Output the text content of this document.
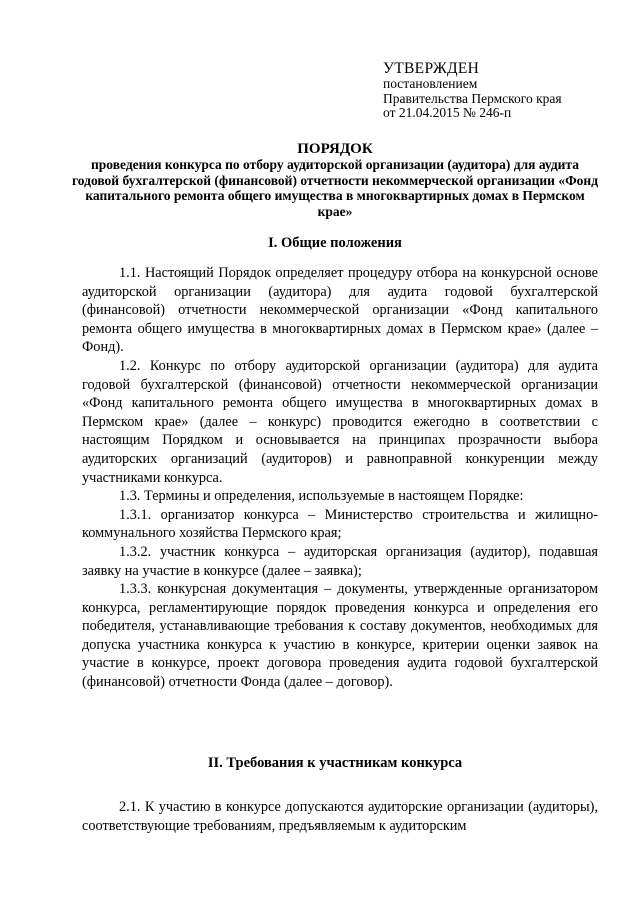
УТВЕРЖДЕН
постановлением
Правительства Пермского края
от 21.04.2015 № 246-п
ПОРЯДОК
проведения конкурса по отбору аудиторской организации (аудитора) для аудита годовой бухгалтерской (финансовой) отчетности некоммерческой организации «Фонд капитального ремонта общего имущества в многоквартирных домах в Пермском крае»
I. Общие положения

1.1. Настоящий Порядок определяет процедуру отбора на конкурсной основе аудиторской организации (аудитора) для аудита годовой бухгалтерской (финансовой) отчетности некоммерческой организации «Фонд капитального ремонта общего имущества в многоквартирных домах в Пермском крае» (далее – Фонд).

1.2. Конкурс по отбору аудиторской организации (аудитора) для аудита годовой бухгалтерской (финансовой) отчетности некоммерческой организации «Фонд капитального ремонта общего имущества в многоквартирных домах в Пермском крае» (далее – конкурс) проводится ежегодно в соответствии с настоящим Порядком и основывается на принципах прозрачности выбора аудиторских организаций (аудиторов) и равноправной конкуренции между участниками конкурса.

1.3. Термины и определения, используемые в настоящем Порядке:

1.3.1. организатор конкурса – Министерство строительства и жилищно-коммунального хозяйства Пермского края;

1.3.2. участник конкурса – аудиторская организация (аудитор), подавшая заявку на участие в конкурсе (далее – заявка);

1.3.3. конкурсная документация – документы, утвержденные организатором конкурса, регламентирующие порядок проведения конкурса и определения его победителя, устанавливающие требования к составу документов, необходимых для допуска участника конкурса к участию в конкурсе, критерии оценки заявок на участие в конкурсе, проект договора проведения аудита годовой бухгалтерской (финансовой) отчетности Фонда (далее – договор).

II. Требования к участникам конкурса

2.1. К участию в конкурсе допускаются аудиторские организации (аудиторы), соответствующие требованиям, предъявляемым к аудиторским
